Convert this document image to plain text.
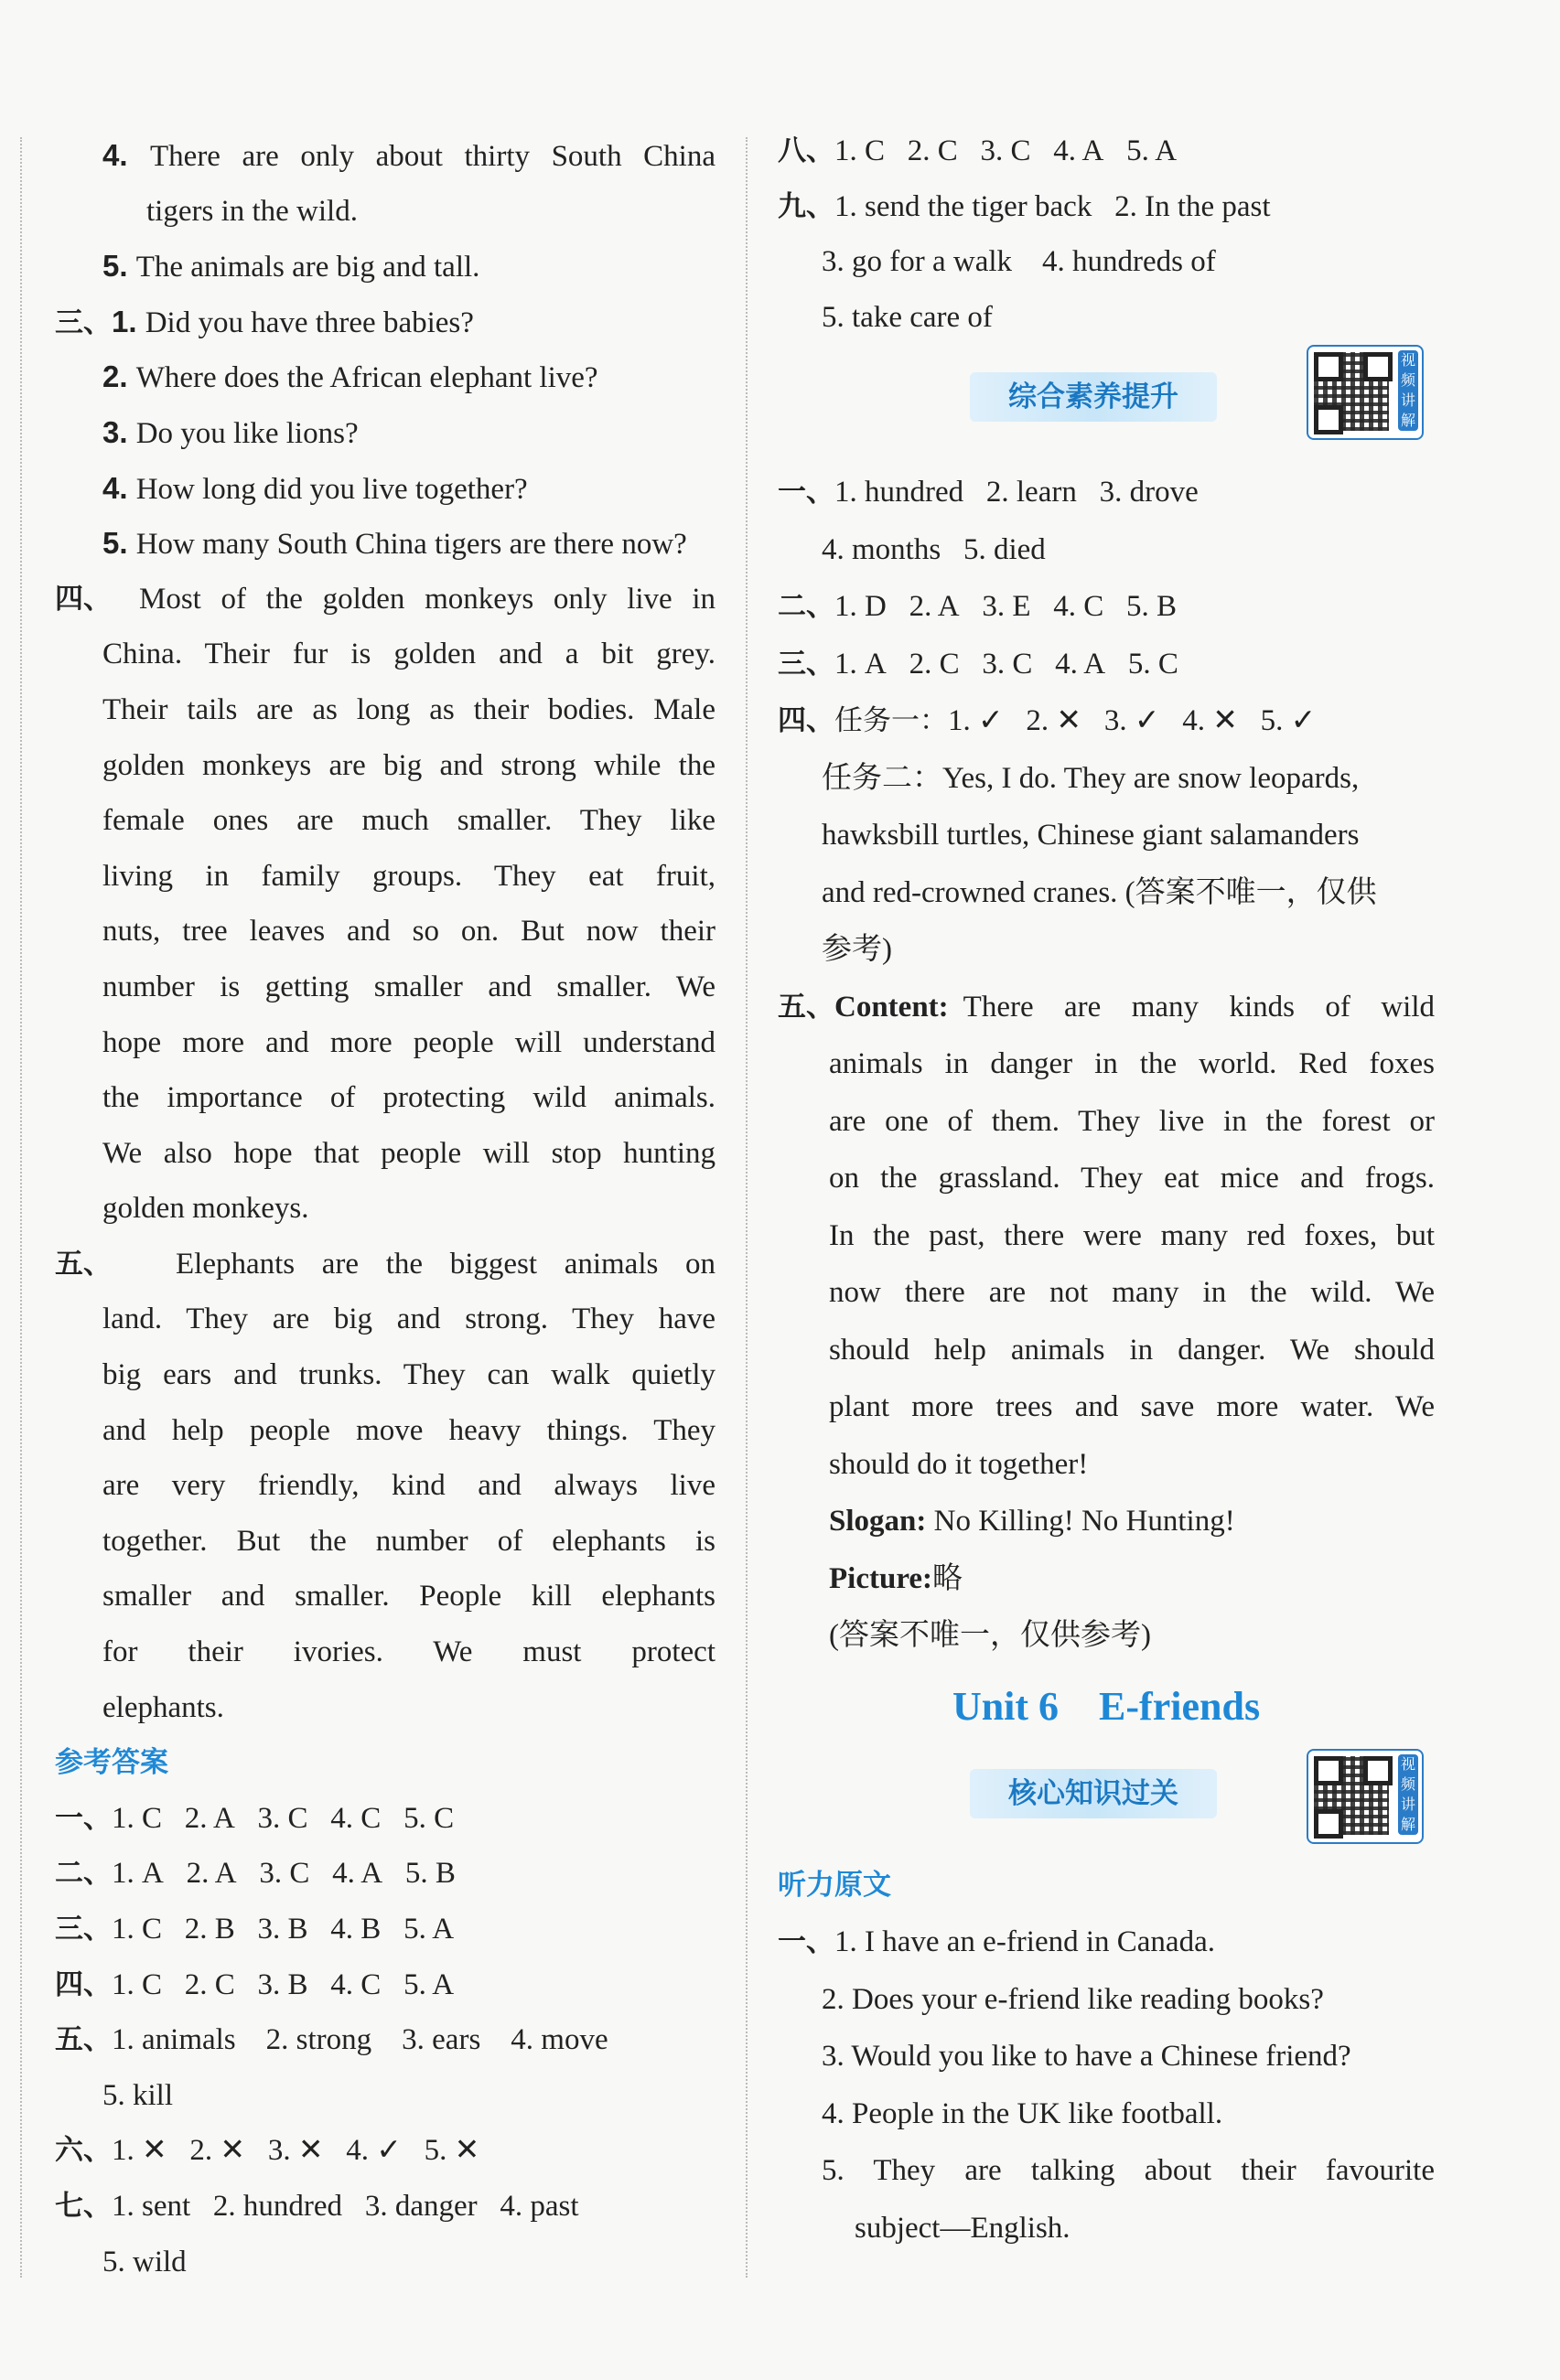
4. There are only about thirty South China
tigers in the wild.
5. The animals are big and tall.
三、1. Did you have three babies?
2. Where does the African elephant live?
3. Do you like lions?
4. How long did you live together?
5. How many South China tigers are there now?
四、 Most of the golden monkeys only live in
China. Their fur is golden and a bit grey.
Their tails are as long as their bodies. Male
golden monkeys are big and strong while the
female ones are much smaller. They like
living in family groups. They eat fruit,
nuts, tree leaves and so on. But now their
number is getting smaller and smaller. We
hope more and more people will understand
the importance of protecting wild animals.
We also hope that people will stop hunting
golden monkeys.
五、	Elephants are the biggest animals on
land. They are big and strong. They have
big ears and trunks. They can walk quietly
and help people move heavy things. They
are very friendly, kind and always live
together. But the number of elephants is
smaller and smaller. People kill elephants
for their ivories. We must protect
elephants.
参考答案
一、1. C 2. A 3. C 4. C 5. C
二、1. A 2. A 3. C 4. A 5. B
三、1. C 2. B 3. B 4. B 5. A
四、1. C 2. C 3. B 4. C 5. A
五、1. animals 2. strong 3. ears 4. move
5. kill
六、1. ✕ 2. ✕ 3. ✕ 4. ✓ 5. ✕
七、1. sent 2. hundred 3. danger 4. past
5. wild
八、1. C 2. C 3. C 4. A 5. A
九、1. send the tiger back 2. In the past
3. go for a walk 4. hundreds of
5. take care of
综合素养提升
视频讲解
一、1. hundred 2. learn 3. drove
4. months 5. died
二、1. D 2. A 3. E 4. C 5. B
三、1. A 2. C 3. C 4. A 5. C
四、任务一：1. ✓ 2. ✕ 3. ✓ 4. ✕ 5. ✓
任务二：Yes, I do. They are snow leopards,
hawksbill turtles, Chinese giant salamanders
and red-crowned cranes. (答案不唯一，仅供
参考)
五、 Content: There are many kinds of wild
animals in danger in the world. Red foxes
are one of them. They live in the forest or
on the grassland. They eat mice and frogs.
In the past, there were many red foxes, but
now there are not many in the wild. We
should help animals in danger. We should
plant more trees and save more water. We
should do it together!
Slogan: No Killing! No Hunting!
Picture:略
(答案不唯一，仅供参考)
Unit 6    E-friends
核心知识过关
视频讲解
听力原文
一、1. I have an e-friend in Canada.
2. Does your e-friend like reading books?
3. Would you like to have a Chinese friend?
4. People in the UK like football.
5. They are talking about their favourite
subject—English.
